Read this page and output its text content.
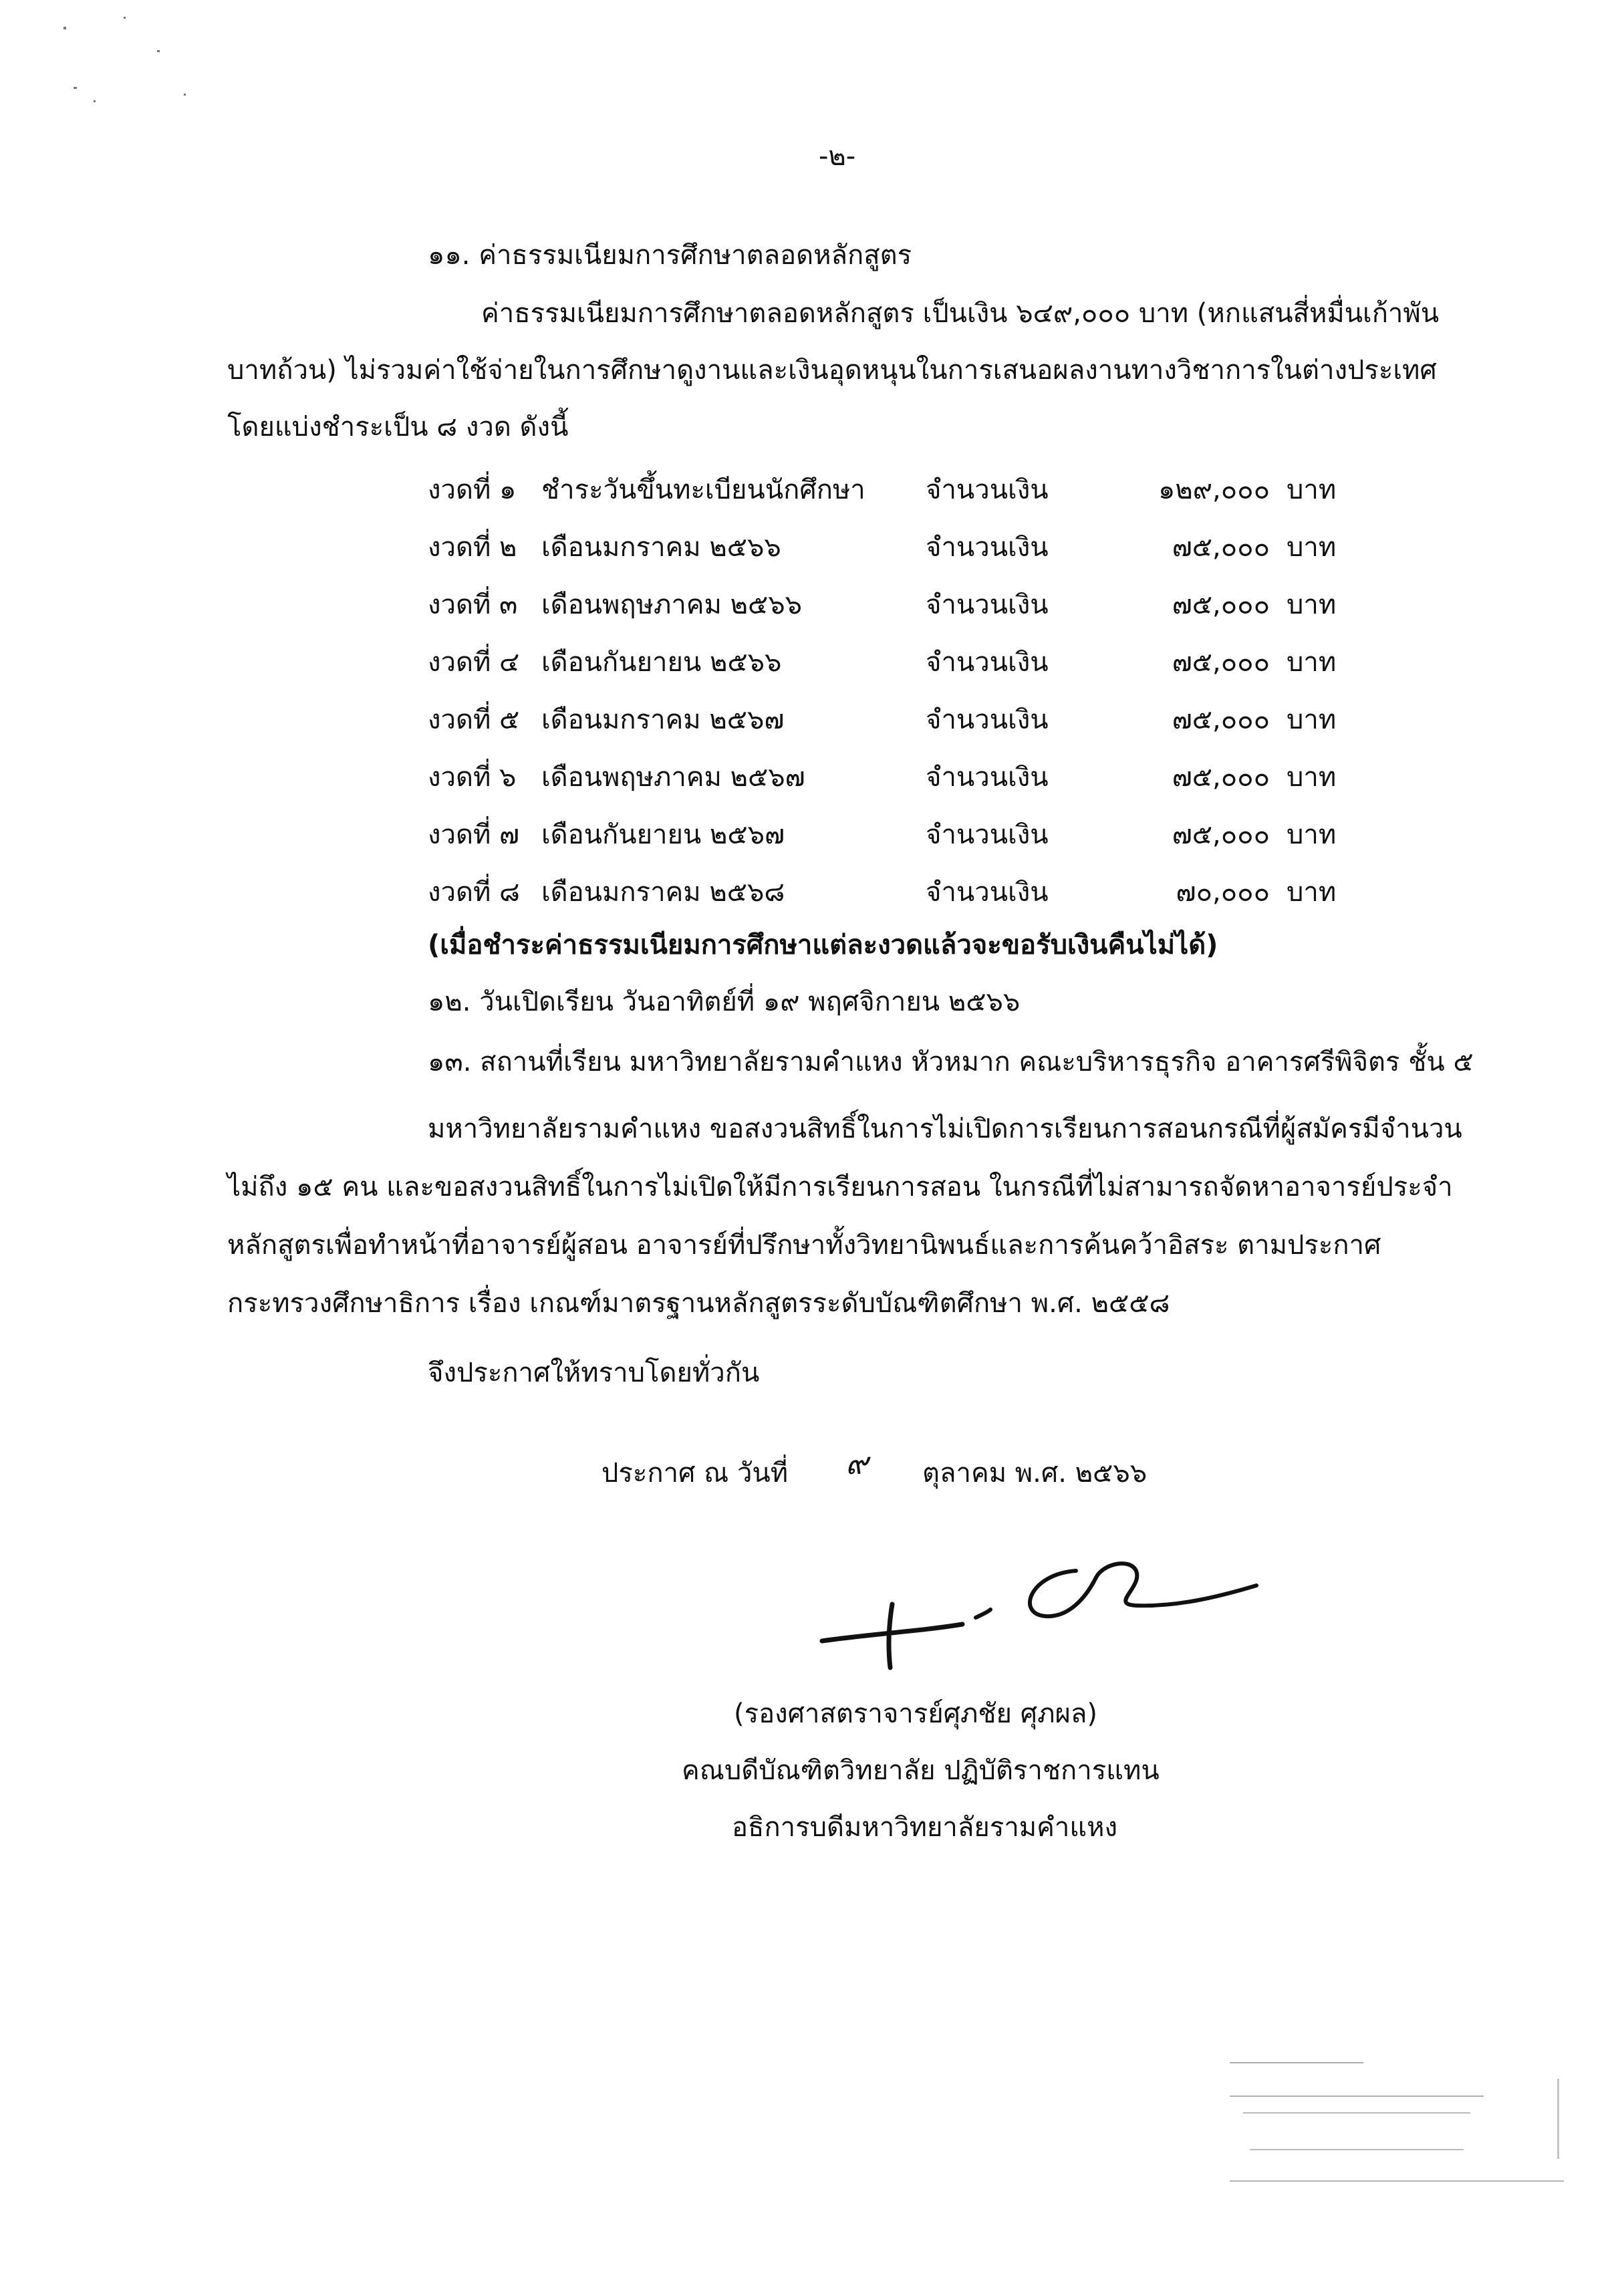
-๒-
๑๑. ค่าธรรมเนียมการศึกษาตลอดหลักสูตร
ค่าธรรมเนียมการศึกษาตลอดหลักสูตร เป็นเงิน ๖๔๙,๐๐๐ บาท (หกแสนสี่หมื่นเก้าพัน
บาทถ้วน) ไม่รวมค่าใช้จ่ายในการศึกษาดูงานและเงินอุดหนุนในการเสนอผลงานทางวิชาการในต่างประเทศ
โดยแบ่งชำระเป็น ๘ งวด ดังนี้
งวดที่ ๑ ชำระวันขึ้นทะเบียนนักศึกษา จำนวนเงิน	๑๒๙,๐๐๐ บาท
งวดที่ ๒ เดือนมกราคม ๒๕๖๖	จำนวนเงิน	๗๕,๐๐๐ บาท
งวดที่ ๓ เดือนพฤษภาคม ๒๕๖๖	จำนวนเงิน	๗๕,๐๐๐ บาท
งวดที่ ๔ เดือนกันยายน ๒๕๖๖	จำนวนเงิน	๗๕,๐๐๐ บาท
งวดที่ ๕ เดือนมกราคม ๒๕๖๗	จำนวนเงิน	๗๕,๐๐๐ บาท
งวดที่ ๖ เดือนพฤษภาคม ๒๕๖๗	จำนวนเงิน	๗๕,๐๐๐ บาท
งวดที่ ๗ เดือนกันยายน ๒๕๖๗	จำนวนเงิน	๗๕,๐๐๐ บาท
งวดที่ ๘ เดือนมกราคม ๒๕๖๘	จำนวนเงิน	๗๐,๐๐๐ บาท
(เมื่อชำระค่าธรรมเนียมการศึกษาแต่ละงวดแล้วจะขอรับเงินคืนไม่ได้)
๑๒. วันเปิดเรียน วันอาทิตย์ที่ ๑๙ พฤศจิกายน ๒๕๖๖
๑๓. สถานที่เรียน มหาวิทยาลัยรามคำแหง หัวหมาก คณะบริหารธุรกิจ อาคารศรีพิจิตร ชั้น ๕
มหาวิทยาลัยรามคำแหง ขอสงวนสิทธิ์ในการไม่เปิดการเรียนการสอนกรณีที่ผู้สมัครมีจำนวน
ไม่ถึง ๑๕ คน และขอสงวนสิทธิ์ในการไม่เปิดให้มีการเรียนการสอน ในกรณีที่ไม่สามารถจัดหาอาจารย์ประจำ
หลักสูตรเพื่อทำหน้าที่อาจารย์ผู้สอน อาจารย์ที่ปรึกษาทั้งวิทยานิพนธ์และการค้นคว้าอิสระ ตามประกาศ
กระทรวงศึกษาธิการ เรื่อง เกณฑ์มาตรฐานหลักสูตรระดับบัณฑิตศึกษา พ.ศ. ๒๕๕๘
จึงประกาศให้ทราบโดยทั่วกัน
ประกาศ ณ วันที่ ๙ ตุลาคม พ.ศ. ๒๕๖๖
(รองศาสตราจารย์ศุภชัย ศุภผล)
คณบดีบัณฑิตวิทยาลัย ปฏิบัติราชการแทน
อธิการบดีมหาวิทยาลัยรามคำแหง
